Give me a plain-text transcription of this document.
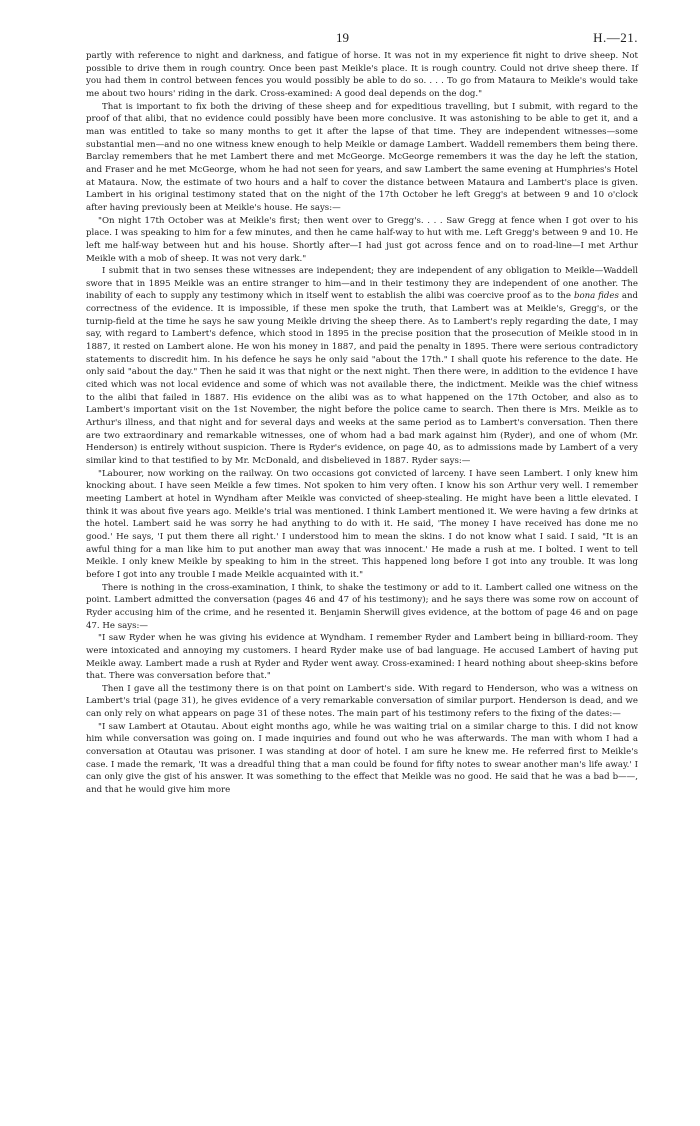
19	H.—21.

partly with reference to night and darkness, and fatigue of horse. It was not in my experience fit night to drive sheep. Not possible to drive them in rough country. Once been past Meikle's place. It is rough country. Could not drive sheep there. If you had them in control between fences you would possibly be able to do so. . . . To go from Mataura to Meikle's would take me about two hours' riding in the dark. Cross-examined: A good deal depends on the dog."

That is important to fix both the driving of these sheep and for expeditious travelling, but I submit, with regard to the proof of that alibi, that no evidence could possibly have been more conclusive. It was astonishing to be able to get it, and a man was entitled to take so many months to get it after the lapse of that time. They are independent witnesses—some substantial men—and no one witness knew enough to help Meikle or damage Lambert. Waddell remembers them being there. Barclay remembers that he met Lambert there and met McGeorge. McGeorge remembers it was the day he left the station, and Fraser and he met McGeorge, whom he had not seen for years, and saw Lambert the same evening at Humphries's Hotel at Mataura. Now, the estimate of two hours and a half to cover the distance between Mataura and Lambert's place is given. Lambert in his original testimony stated that on the night of the 17th October he left Gregg's at between 9 and 10 o'clock after having previously been at Meikle's house. He says:—

"On night 17th October was at Meikle's first; then went over to Gregg's. . . . Saw Gregg at fence when I got over to his place. I was speaking to him for a few minutes, and then he came half-way to hut with me. Left Gregg's between 9 and 10. He left me half-way between hut and his house. Shortly after—I had just got across fence and on to road-line—I met Arthur Meikle with a mob of sheep. It was not very dark."

I submit that in two senses these witnesses are independent; they are independent of any obligation to Meikle—Waddell swore that in 1895 Meikle was an entire stranger to him—and in their testimony they are independent of one another. The inability of each to supply any testimony which in itself went to establish the alibi was coercive proof as to the bona fides and correctness of the evidence. It is impossible, if these men spoke the truth, that Lambert was at Meikle's, Gregg's, or the turnip-field at the time he says he saw young Meikle driving the sheep there. As to Lambert's reply regarding the date, I may say, with regard to Lambert's defence, which stood in 1895 in the precise position that the prosecution of Meikle stood in in 1887, it rested on Lambert alone. He won his money in 1887, and paid the penalty in 1895. There were serious contradictory statements to discredit him. In his defence he says he only said "about the 17th." I shall quote his reference to the date. He only said "about the day." Then he said it was that night or the next night. Then there were, in addition to the evidence I have cited which was not local evidence and some of which was not available there, the indictment. Meikle was the chief witness to the alibi that failed in 1887. His evidence on the alibi was as to what happened on the 17th October, and also as to Lambert's important visit on the 1st November, the night before the police came to search. Then there is Mrs. Meikle as to Arthur's illness, and that night and for several days and weeks at the same period as to Lambert's conversation. Then there are two extraordinary and remarkable witnesses, one of whom had a bad mark against him (Ryder), and one of whom (Mr. Henderson) is entirely without suspicion. There is Ryder's evidence, on page 40, as to admissions made by Lambert of a very similar kind to that testified to by Mr. McDonald, and disbelieved in 1887. Ryder says:—

"Labourer, now working on the railway. On two occasions got convicted of larceny. I have seen Lambert. I only knew him knocking about. I have seen Meikle a few times. Not spoken to him very often. I know his son Arthur very well. I remember meeting Lambert at hotel in Wyndham after Meikle was convicted of sheep-stealing. He might have been a little elevated. I think it was about five years ago. Meikle's trial was mentioned. I think Lambert mentioned it. We were having a few drinks at the hotel. Lambert said he was sorry he had anything to do with it. He said, 'The money I have received has done me no good.' He says, 'I put them there all right.' I understood him to mean the skins. I do not know what I said. I said, "It is an awful thing for a man like him to put another man away that was innocent.' He made a rush at me. I bolted. I went to tell Meikle. I only knew Meikle by speaking to him in the street. This happened long before I got into any trouble. It was long before I got into any trouble I made Meikle acquainted with it."

There is nothing in the cross-examination, I think, to shake the testimony or add to it. Lambert called one witness on the point. Lambert admitted the conversation (pages 46 and 47 of his testimony); and he says there was some row on account of Ryder accusing him of the crime, and he resented it. Benjamin Sherwill gives evidence, at the bottom of page 46 and on page 47. He says:—

"I saw Ryder when he was giving his evidence at Wyndham. I remember Ryder and Lambert being in billiard-room. They were intoxicated and annoying my customers. I heard Ryder make use of bad language. He accused Lambert of having put Meikle away. Lambert made a rush at Ryder and Ryder went away. Cross-examined: I heard nothing about sheep-skins before that. There was conversation before that."

Then I gave all the testimony there is on that point on Lambert's side. With regard to Henderson, who was a witness on Lambert's trial (page 31), he gives evidence of a very remarkable conversation of similar purport. Henderson is dead, and we can only rely on what appears on page 31 of these notes. The main part of his testimony refers to the fixing of the dates:—

"I saw Lambert at Otautau. About eight months ago, while he was waiting trial on a similar charge to this. I did not know him while conversation was going on. I made inquiries and found out who he was afterwards. The man with whom I had a conversation at Otautau was prisoner. I was standing at door of hotel. I am sure he knew me. He referred first to Meikle's case. I made the remark, 'It was a dreadful thing that a man could be found for fifty notes to swear another man's life away.' I can only give the gist of his answer. It was something to the effect that Meikle was no good. He said that he was a bad b——, and that he would give him more
